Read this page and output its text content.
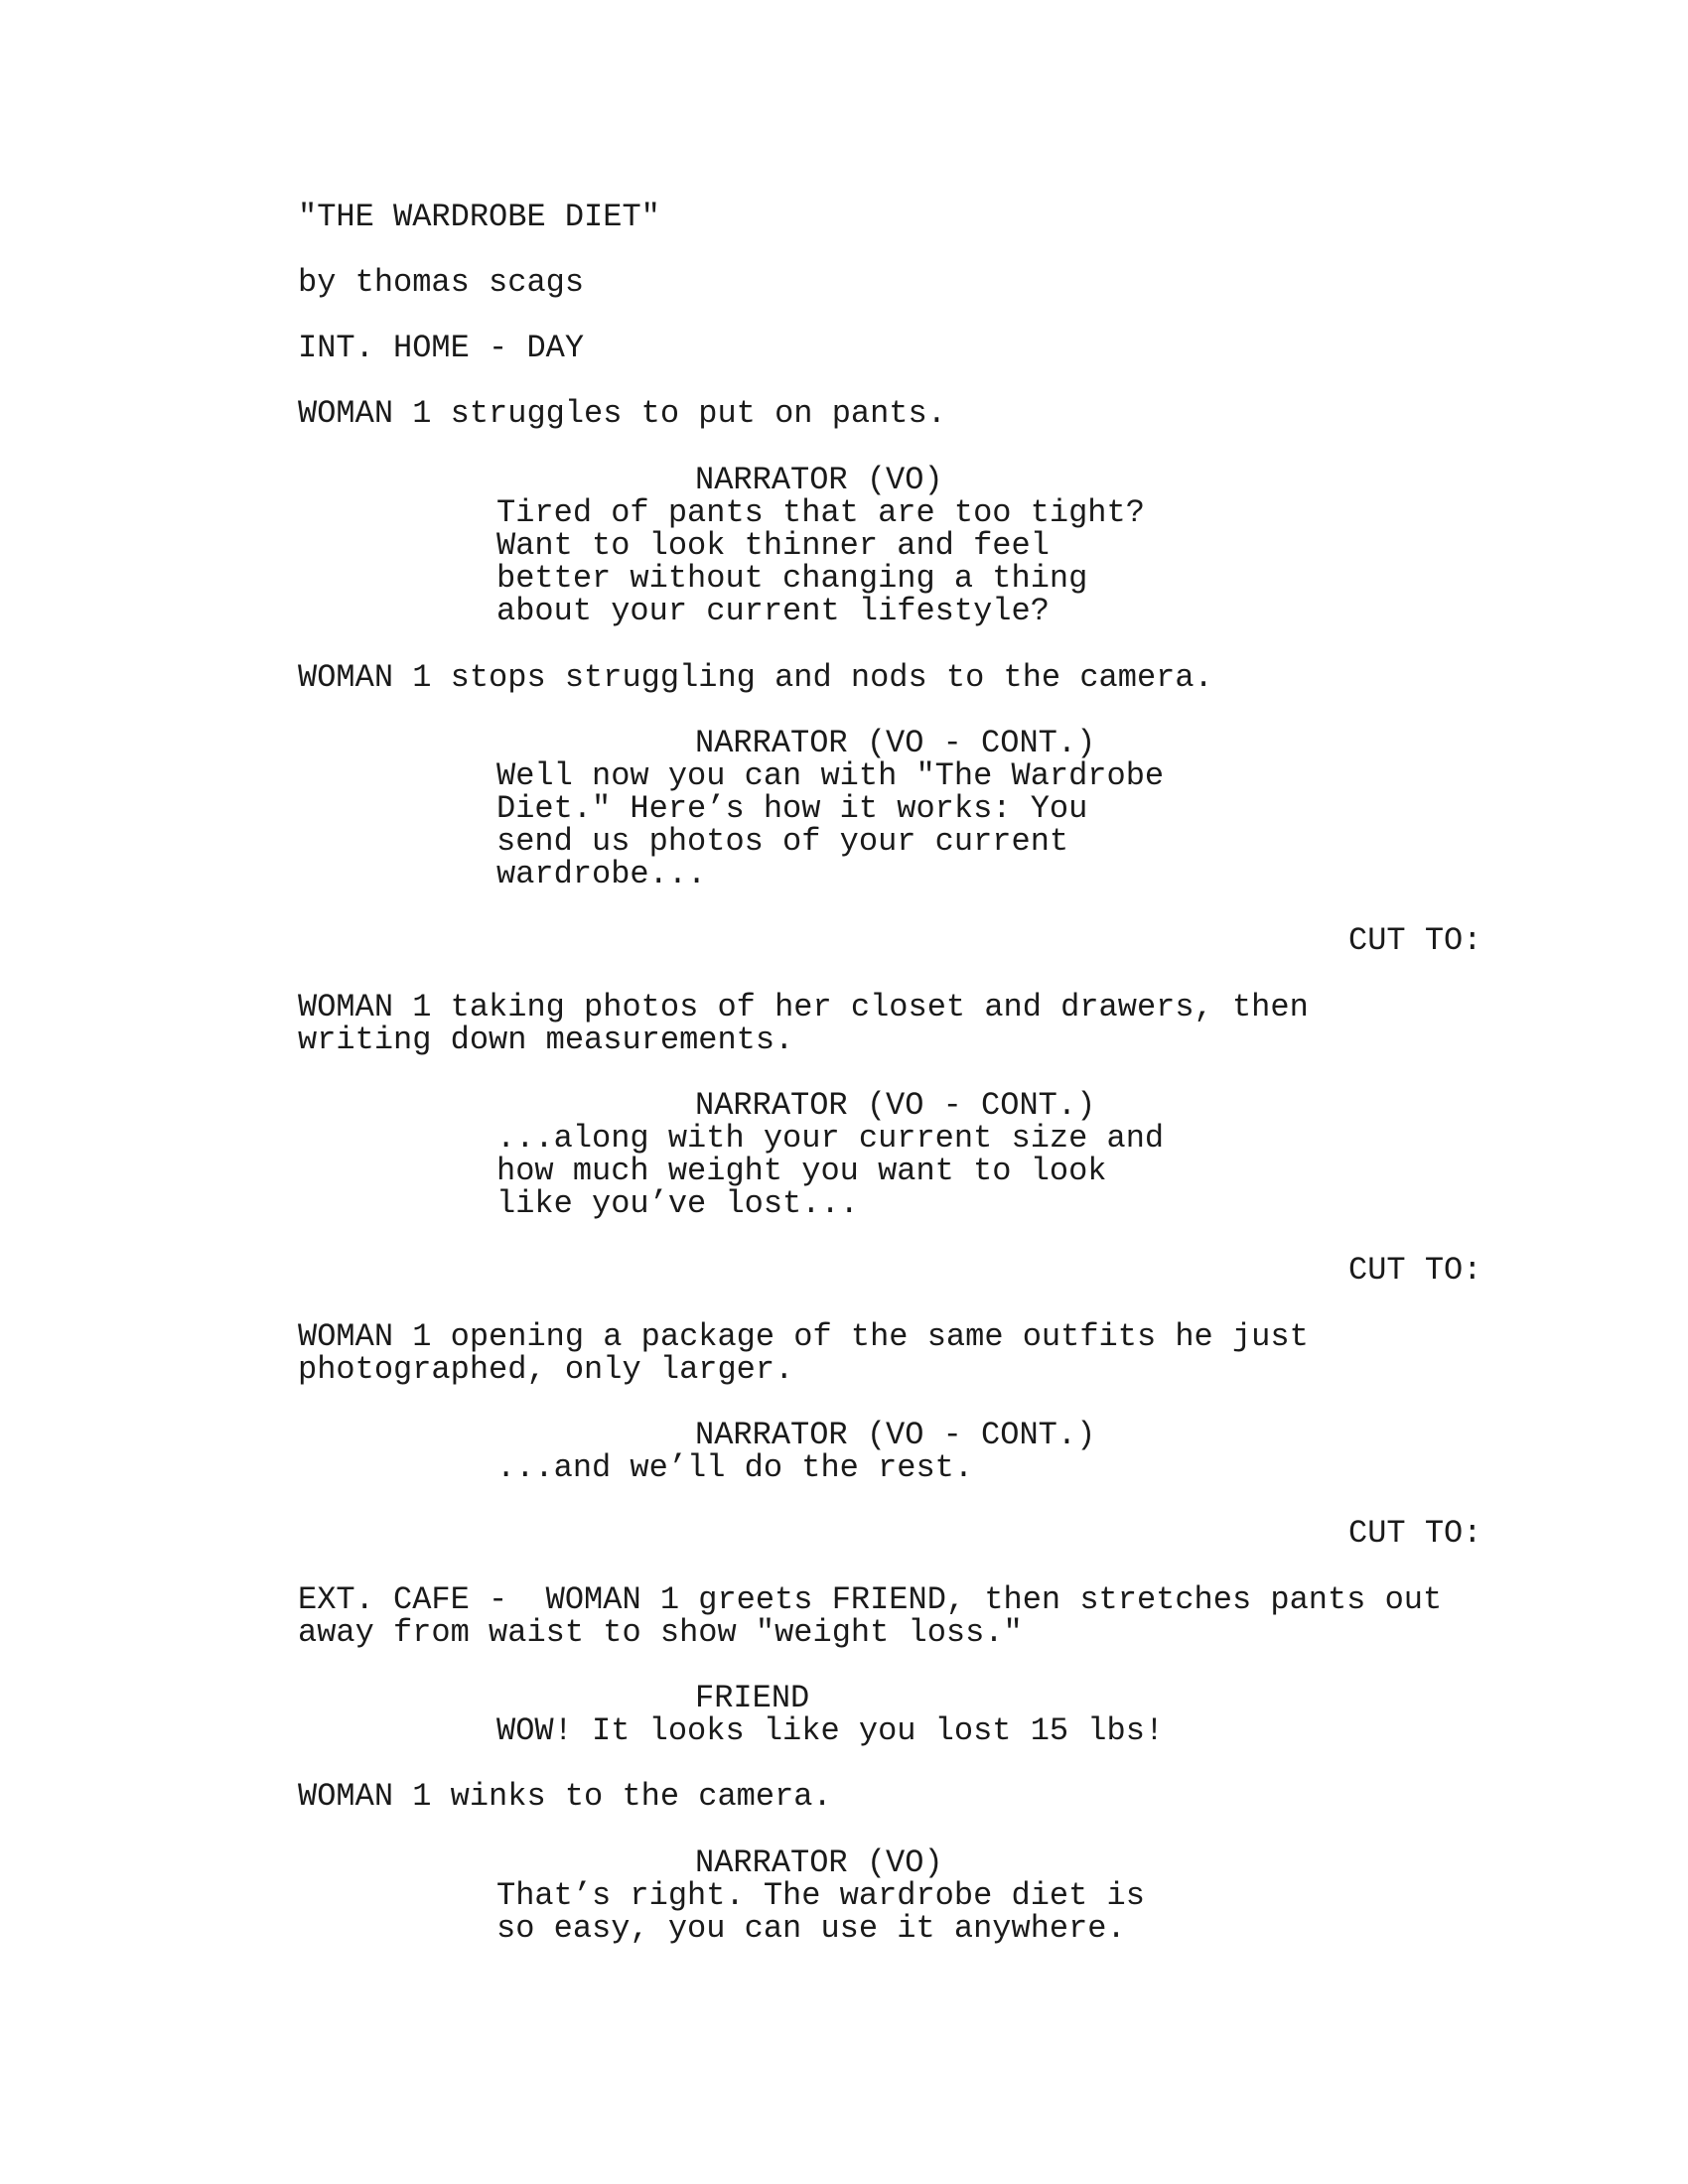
"THE WARDROBE DIET"
by thomas scags
INT. HOME - DAY
WOMAN 1 struggles to put on pants.
NARRATOR (VO)
Tired of pants that are too tight?
Want to look thinner and feel
better without changing a thing
about your current lifestyle?
WOMAN 1 stops struggling and nods to the camera.
NARRATOR (VO - CONT.)
Well now you can with "The Wardrobe
Diet." Here’s how it works: You
send us photos of your current
wardrobe...
CUT TO:
WOMAN 1 taking photos of her closet and drawers, then
writing down measurements.
NARRATOR (VO - CONT.)
...along with your current size and
how much weight you want to look
like you’ve lost...
CUT TO:
WOMAN 1 opening a package of the same outfits he just
photographed, only larger.
NARRATOR (VO - CONT.)
...and we’ll do the rest.
CUT TO:
EXT. CAFE -  WOMAN 1 greets FRIEND, then stretches pants out
away from waist to show "weight loss."
FRIEND
WOW! It looks like you lost 15 lbs!
WOMAN 1 winks to the camera.
NARRATOR (VO)
That’s right. The wardrobe diet is
so easy, you can use it anywhere.
